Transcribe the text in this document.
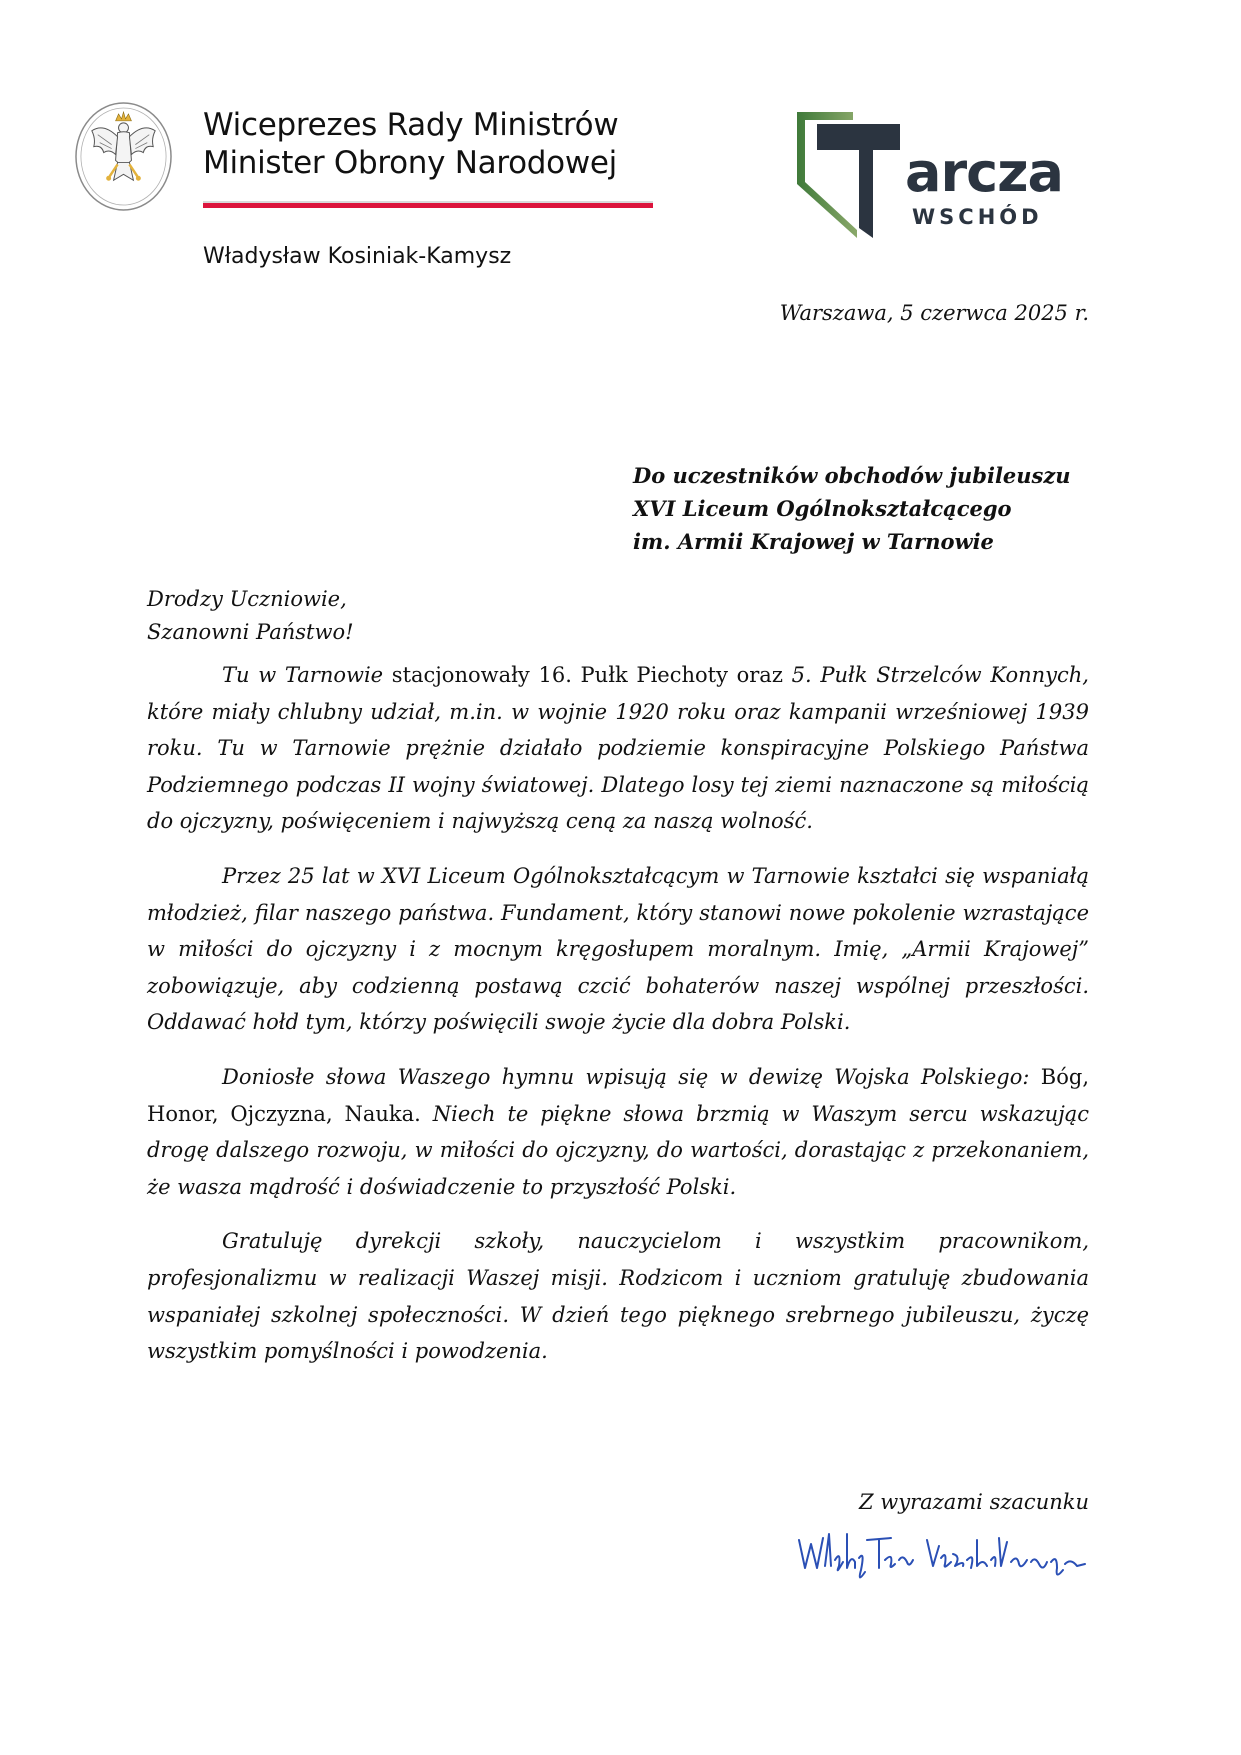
Wiceprezes Rady Ministrów
Minister Obrony Narodowej
Władysław Kosiniak-Kamysz
arcza
WSCHÓD
Warszawa, 5 czerwca 2025 r.
Do uczestników obchodów jubileuszu
XVI Liceum Ogólnokształcącego
im. Armii Krajowej w Tarnowie
Drodzy Uczniowie,
Szanowni Państwo!

Tu w Tarnowie stacjonowały 16. Pułk Piechoty oraz 5. Pułk Strzelców Konnych, które miały chlubny udział, m.in. w wojnie 1920 roku oraz kampanii wrześniowej 1939 roku. Tu w Tarnowie prężnie działało podziemie konspiracyjne Polskiego Państwa Podziemnego podczas II wojny światowej. Dlatego losy tej ziemi naznaczone są miłością do ojczyzny, poświęceniem i najwyższą ceną za naszą wolność.

Przez 25 lat w XVI Liceum Ogólnokształcącym w Tarnowie kształci się wspaniałą młodzież, filar naszego państwa. Fundament, który stanowi nowe pokolenie wzrastające w miłości do ojczyzny i z mocnym kręgosłupem moralnym. Imię, „Armii Krajowej” zobowiązuje, aby codzienną postawą czcić bohaterów naszej wspólnej przeszłości. Oddawać hołd tym, którzy poświęcili swoje życie dla dobra Polski.

Doniosłe słowa Waszego hymnu wpisują się w dewizę Wojska Polskiego: Bóg, Honor, Ojczyzna, Nauka. Niech te piękne słowa brzmią w Waszym sercu wskazując drogę dalszego rozwoju, w miłości do ojczyzny, do wartości, dorastając z przekonaniem, że wasza mądrość i doświadczenie to przyszłość Polski.

Gratuluję dyrekcji szkoły, nauczycielom i wszystkim pracownikom, profesjonalizmu w realizacji Waszej misji. Rodzicom i uczniom gratuluję zbudowania wspaniałej szkolnej społeczności. W dzień tego pięknego srebrnego jubileuszu, życzę wszystkim pomyślności i powodzenia.

Z wyrazami szacunku
